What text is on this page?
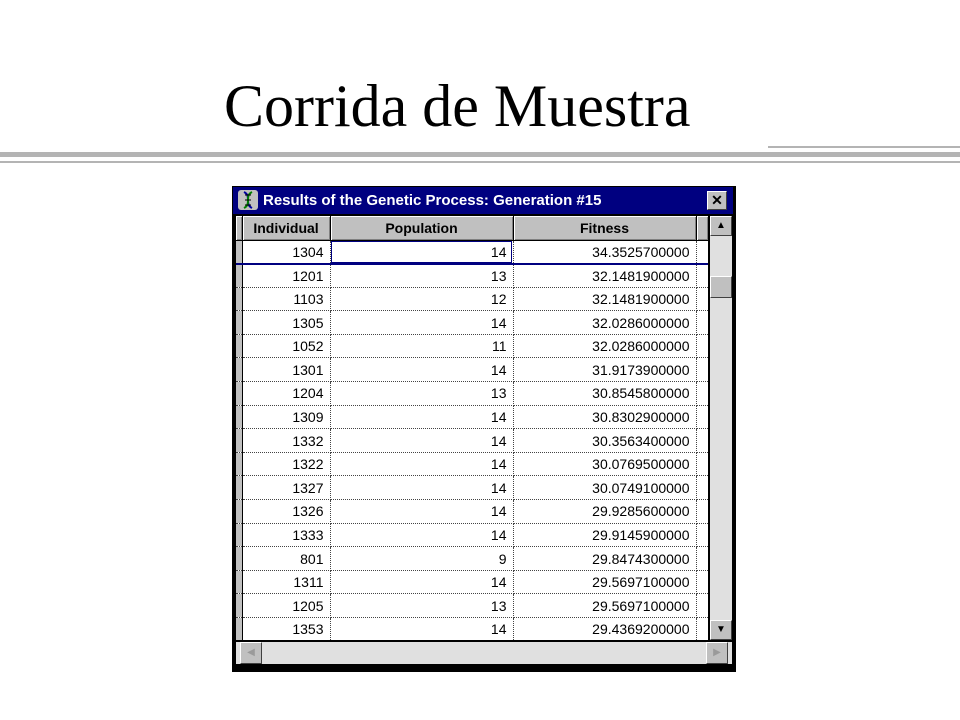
Corrida de Muestra
Results of the Genetic Process: Generation #15	✕
	Individual	Population	Fitness	
	1304	14	34.3525700000	
	1201	13	32.1481900000	
	1103	12	32.1481900000	
	1305	14	32.0286000000	
	1052	11	32.0286000000	
	1301	14	31.9173900000	
	1204	13	30.8545800000	
	1309	14	30.8302900000	
	1332	14	30.3563400000	
	1322	14	30.0769500000	
	1327	14	30.0749100000	
	1326	14	29.9285600000	
	1333	14	29.9145900000	
	801	9	29.8474300000	
	1311	14	29.5697100000	
	1205	13	29.5697100000	
	1353	14	29.4369200000	
▲
▼
◀	▶
